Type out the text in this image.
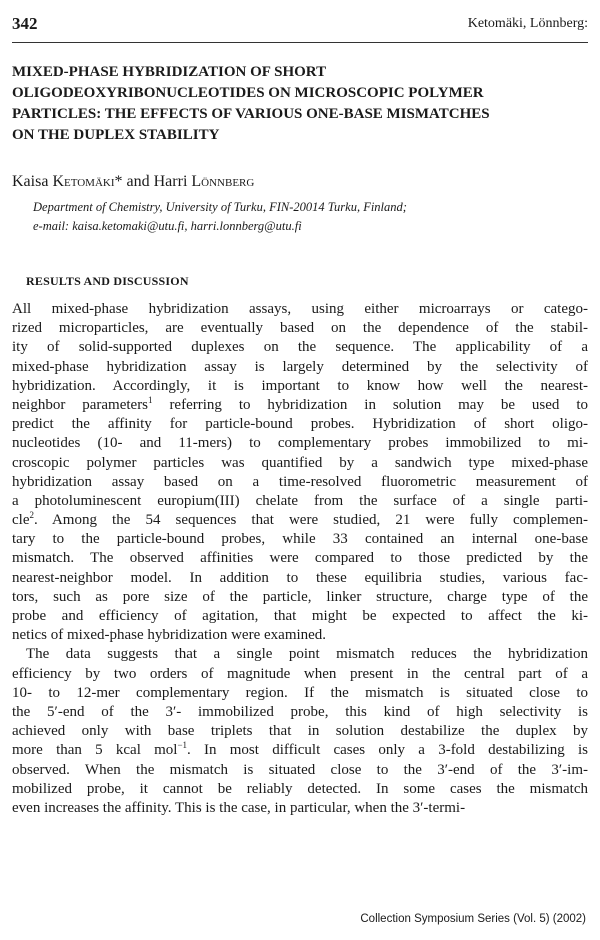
342	Ketomäki, Lönnberg:
MIXED-PHASE HYBRIDIZATION OF SHORT
OLIGODEOXYRIBONUCLEOTIDES ON MICROSCOPIC POLYMER
PARTICLES: THE EFFECTS OF VARIOUS ONE-BASE MISMATCHES
ON THE DUPLEX STABILITY
Kaisa Ketomäki* and Harri Lönnberg
Department of Chemistry, University of Turku, FIN-20014 Turku, Finland;
e-mail: kaisa.ketomaki@utu.fi, harri.lonnberg@utu.fi
RESULTS AND DISCUSSION
All mixed-phase hybridization assays, using either microarrays or catego-
rized microparticles, are eventually based on the dependence of the stabil-
ity of solid-supported duplexes on the sequence. The applicability of a
mixed-phase hybridization assay is largely determined by the selectivity of
hybridization. Accordingly, it is important to know how well the nearest-
neighbor parameters$^1$ referring to hybridization in solution may be used to
predict the affinity for particle-bound probes. Hybridization of short oligo-
nucleotides (10- and 11-mers) to complementary probes immobilized to mi-
croscopic polymer particles was quantified by a sandwich type mixed-phase
hybridization assay based on a time-resolved fluorometric measurement of
a photoluminescent europium(III) chelate from the surface of a single parti-
cle$^2$. Among the 54 sequences that were studied, 21 were fully complemen-
tary to the particle-bound probes, while 33 contained an internal one-base
mismatch. The observed affinities were compared to those predicted by the
nearest-neighbor model. In addition to these equilibria studies, various fac-
tors, such as pore size of the particle, linker structure, charge type of the
probe and efficiency of agitation, that might be expected to affect the ki-
netics of mixed-phase hybridization were examined.
The data suggests that a single point mismatch reduces the hybridization
efficiency by two orders of magnitude when present in the central part of a
10- to 12-mer complementary region. If the mismatch is situated close to
the 5′-end of the 3′- immobilized probe, this kind of high selectivity is
achieved only with base triplets that in solution destabilize the duplex by
more than 5 kcal mol$^{-1}$. In most difficult cases only a 3-fold destabilizing is
observed. When the mismatch is situated close to the 3′-end of the 3′-im-
mobilized probe, it cannot be reliably detected. In some cases the mismatch
even increases the affinity. This is the case, in particular, when the 3′-termi-
Collection Symposium Series (Vol. 5) (2002)
